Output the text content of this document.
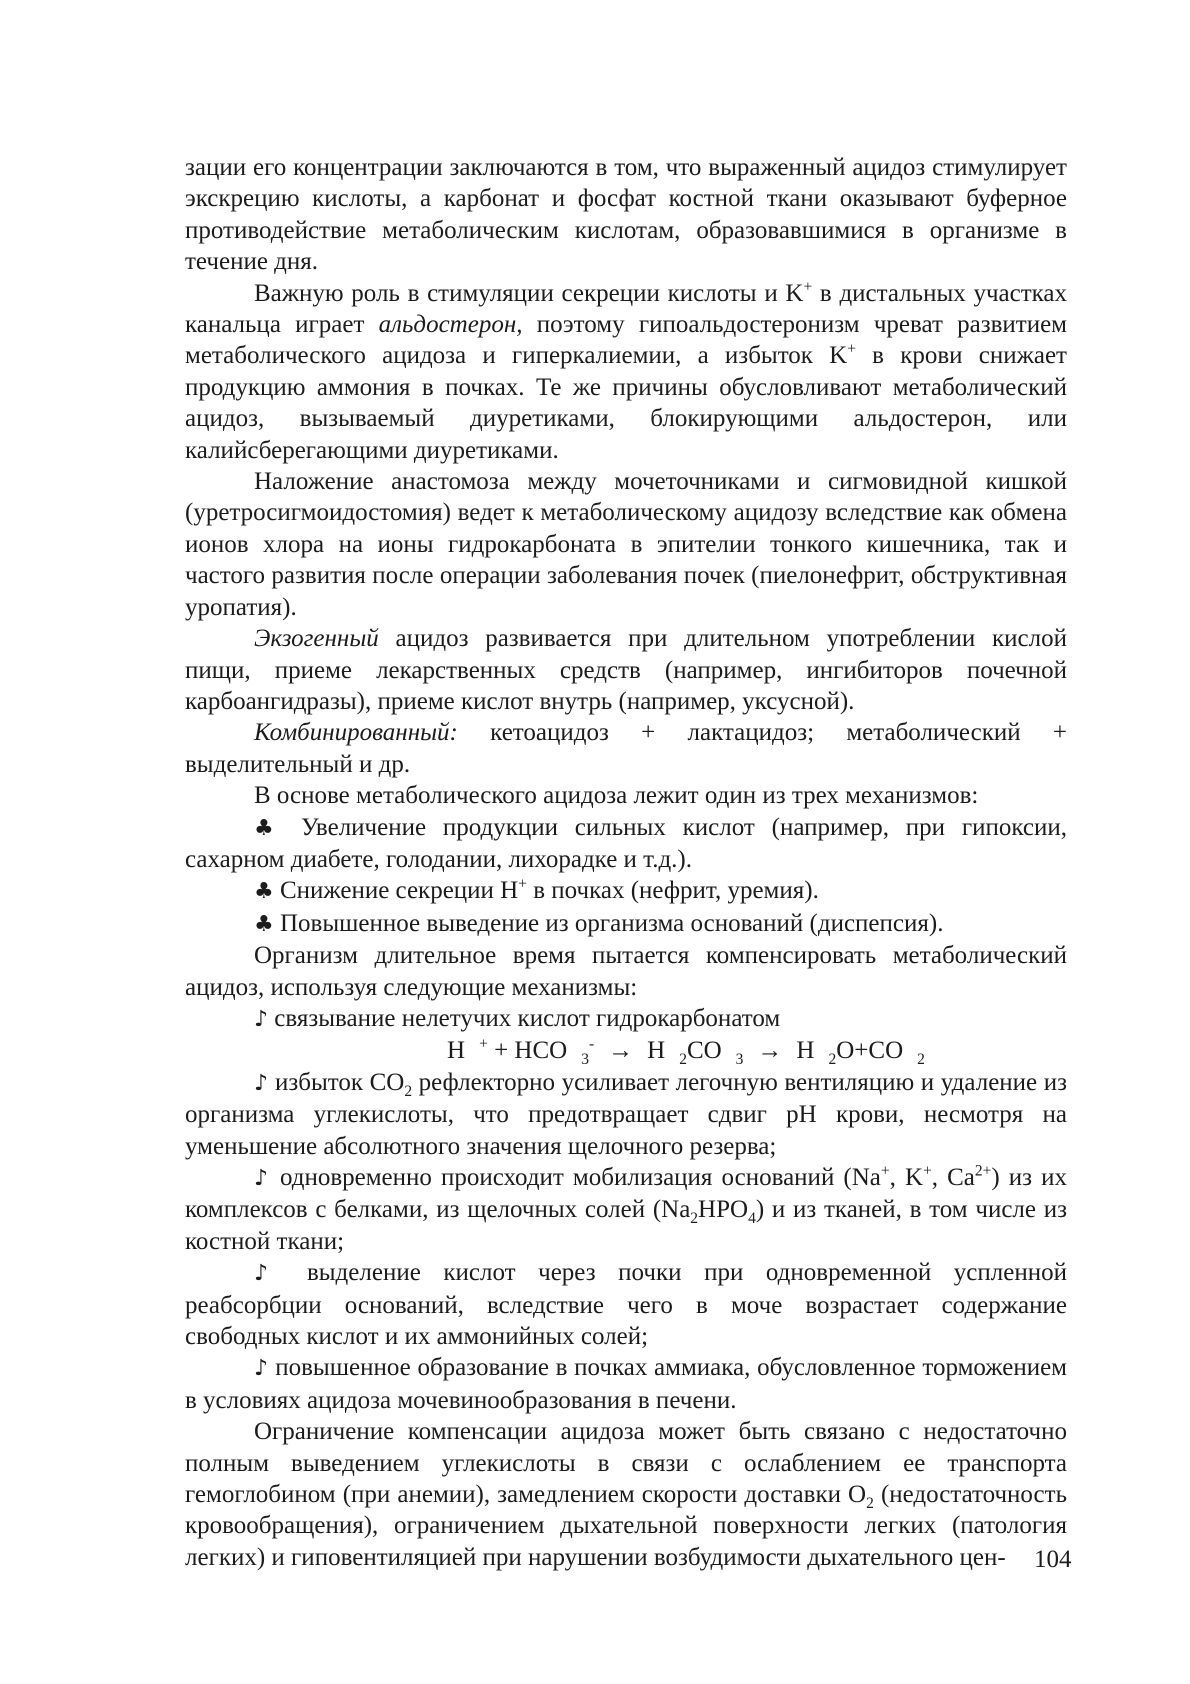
зации его концентрации заключаются в том, что выраженный ацидоз стимулирует экскрецию кислоты, а карбонат и фосфат костной ткани оказывают буферное противодействие метаболическим кислотам, образовавшимися в организме в течение дня.

Важную роль в стимуляции секреции кислоты и K+ в дистальных участках канальца играет альдостерон, поэтому гипоальдостеронизм чреват развитием метаболического ацидоза и гиперкалиемии, а избыток K+ в крови снижает продукцию аммония в почках. Те же причины обусловливают метаболический ацидоз, вызываемый диуретиками, блокирующими альдостерон, или калийсберегающими диуретиками.

Наложение анастомоза между мочеточниками и сигмовидной кишкой (уретросигмоидостомия) ведет к метаболическому ацидозу вследствие как обмена ионов хлора на ионы гидрокарбоната в эпителии тонкого кишечника, так и частого развития после операции заболевания почек (пиелонефрит, обструктивная уропатия).

Экзогенный ацидоз развивается при длительном употреблении кислой пищи, приеме лекарственных средств (например, ингибиторов почечной карбоангидразы), приеме кислот внутрь (например, уксусной).

Комбинированный: кетоацидоз + лактацидоз; метаболический + выделительный и др.

В основе метаболического ацидоза лежит один из трех механизмов:

♣ Увеличение продукции сильных кислот (например, при гипоксии, сахарном диабете, голодании, лихорадке и т.д.).

♣ Снижение секреции H+ в почках (нефрит, уремия).

♣ Повышенное выведение из организма оснований (диспепсия).

Организм длительное время пытается компенсировать метаболический ацидоз, используя следующие механизмы:

♪ связывание нелетучих кислот гидрокарбонатом

H + + HCO $_3$- → H $_2$CO $_3$ → H $_2$O+CO $_2$

♪ избыток $CO_2$ рефлекторно усиливает легочную вентиляцию и удаление из организма углекислоты, что предотвращает сдвиг pH крови, несмотря на уменьшение абсолютного значения щелочного резерва;

♪ одновременно происходит мобилизация оснований (Na+, K+, $Ca^{2+}$) из их комплексов с белками, из щелочных солей $(Na_2HPO_4)$ и из тканей, в том числе из костной ткани;

♪ выделение кислот через почки при одновременной успленной реабсорбции оснований, вследствие чего в моче возрастает содержание свободных кислот и их аммонийных солей;

♪ повышенное образование в почках аммиака, обусловленное торможением в условиях ацидоза мочевинообразования в печени.

Ограничение компенсации ацидоза может быть связано с недостаточно полным выведением углекислоты в связи с ослаблением ее транспорта гемоглобином (при анемии), замедлением скорости доставки $O_2$ (недостаточность кровообращения), ограничением дыхательной поверхности легких (патология легких) и гиповентиляцией при нарушении возбудимости дыхательного цен-	104
